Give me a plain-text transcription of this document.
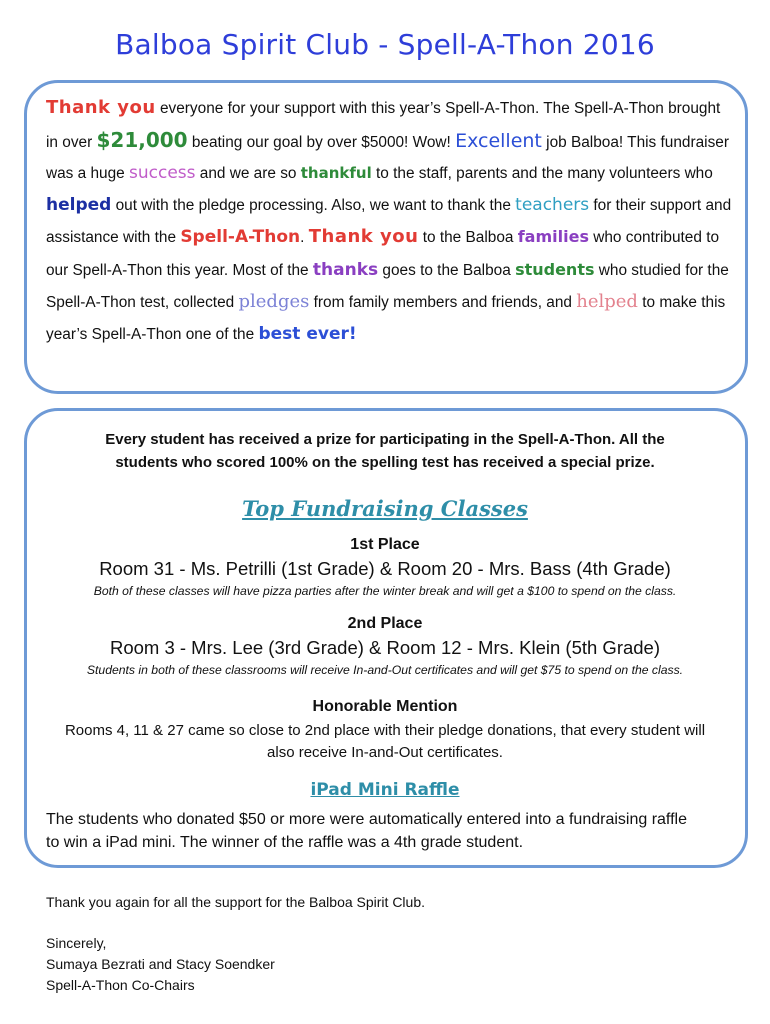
Balboa Spirit Club - Spell-A-Thon 2016
Thank you everyone for your support with this year’s Spell-A-Thon. The Spell-A-Thon brought in over $21,000 beating our goal by over $5000! Wow! Excellent job Balboa! This fundraiser was a huge success and we are so thankful to the staff, parents and the many volunteers who helped out with the pledge processing. Also, we want to thank the teachers for their support and assistance with the Spell-A-Thon. Thank you to the Balboa families who contributed to our Spell-A-Thon this year. Most of the thanks goes to the Balboa students who studied for the Spell-A-Thon test, collected pledges from family members and friends, and helped to make this year’s Spell-A-Thon one of the best ever!
Every student has received a prize for participating in the Spell-A-Thon. All the
students who scored 100% on the spelling test has received a special prize.
Top Fundraising Classes
1st Place
Room 31 - Ms. Petrilli (1st Grade) & Room 20 - Mrs. Bass (4th Grade)
Both of these classes will have pizza parties after the winter break and will get a $100 to spend on the class.
2nd Place
Room 3 - Mrs. Lee (3rd Grade) & Room 12 - Mrs. Klein (5th Grade)
Students in both of these classrooms will receive In-and-Out certificates and will get $75 to spend on the class.
Honorable Mention
Rooms 4, 11 & 27 came so close to 2nd place with their pledge donations, that every student will
also receive In-and-Out certificates.
iPad Mini Raffle
The students who donated $50 or more were automatically entered into a fundraising raffle
to win a iPad mini. The winner of the raffle was a 4th grade student.
Thank you again for all the support for the Balboa Spirit Club.
Sincerely,
Sumaya Bezrati and Stacy Soendker
Spell-A-Thon Co-Chairs
